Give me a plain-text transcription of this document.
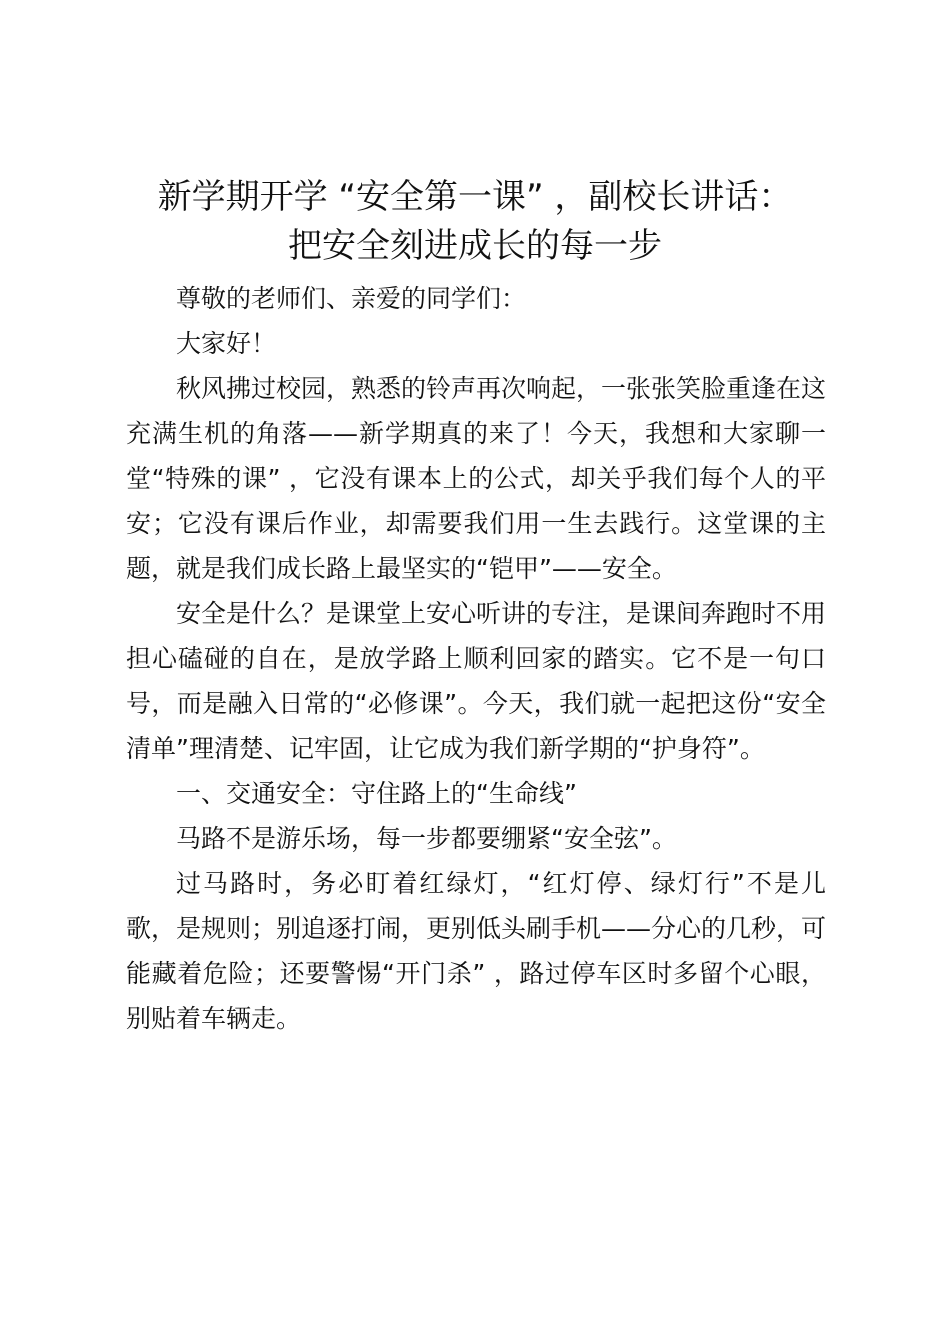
新学期开学 “安全第一课” ，副校长讲话：
把安全刻进成长的每一步

尊敬的老师们、亲爱的同学们：

大家好！

秋风拂过校园，熟悉的铃声再次响起，一张张笑脸重逢在这充满生机的角落——新学期真的来了！今天，我想和大家聊一堂“特殊的课” ，它没有课本上的公式，却关乎我们每个人的平安；它没有课后作业，却需要我们用一生去践行。这堂课的主题，就是我们成长路上最坚实的“铠甲”——安全。

安全是什么？是课堂上安心听讲的专注，是课间奔跑时不用担心磕碰的自在，是放学路上顺利回家的踏实。它不是一句口号，而是融入日常的“必修课”。今天，我们就一起把这份“安全清单”理清楚、记牢固，让它成为我们新学期的“护身符”。

一、交通安全：守住路上的“生命线”

马路不是游乐场，每一步都要绷紧“安全弦”。

过马路时，务必盯着红绿灯，“红灯停、绿灯行”不是儿歌，是规则；别追逐打闹，更别低头刷手机——分心的几秒，可能藏着危险；还要警惕“开门杀” ，路过停车区时多留个心眼，别贴着车辆走。
